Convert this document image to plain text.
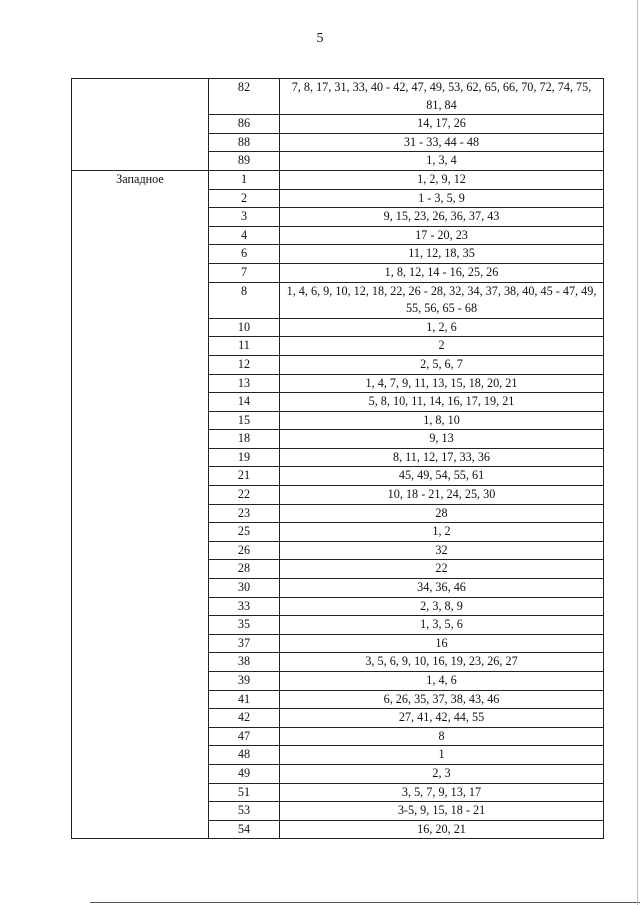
5
	82	7, 8, 17, 31, 33, 40 - 42, 47, 49, 53, 62, 65, 66, 70, 72, 74, 75, 81, 84
	86	14, 17, 26
	88	31 - 33, 44 - 48
	89	1, 3, 4
Западное	1	1, 2, 9, 12
	2	1 - 3, 5, 9
	3	9, 15, 23, 26, 36, 37, 43
	4	17 - 20, 23
	6	11, 12, 18, 35
	7	1, 8, 12, 14 - 16, 25, 26
	8	1, 4, 6, 9, 10, 12, 18, 22, 26 - 28, 32, 34, 37, 38, 40, 45 - 47, 49, 55, 56, 65 - 68
	10	1, 2, 6
	11	2
	12	2, 5, 6, 7
	13	1, 4, 7, 9, 11, 13, 15, 18, 20, 21
	14	5, 8, 10, 11, 14, 16, 17, 19, 21
	15	1, 8, 10
	18	9, 13
	19	8, 11, 12, 17, 33, 36
	21	45, 49, 54, 55, 61
	22	10, 18 - 21, 24, 25, 30
	23	28
	25	1, 2
	26	32
	28	22
	30	34, 36, 46
	33	2, 3, 8, 9
	35	1, 3, 5, 6
	37	16
	38	3, 5, 6, 9, 10, 16, 19, 23, 26, 27
	39	1, 4, 6
	41	6, 26, 35, 37, 38, 43, 46
	42	27, 41, 42, 44, 55
	47	8
	48	1
	49	2, 3
	51	3, 5, 7, 9, 13, 17
	53	3-5, 9, 15, 18 - 21
	54	16, 20, 21
